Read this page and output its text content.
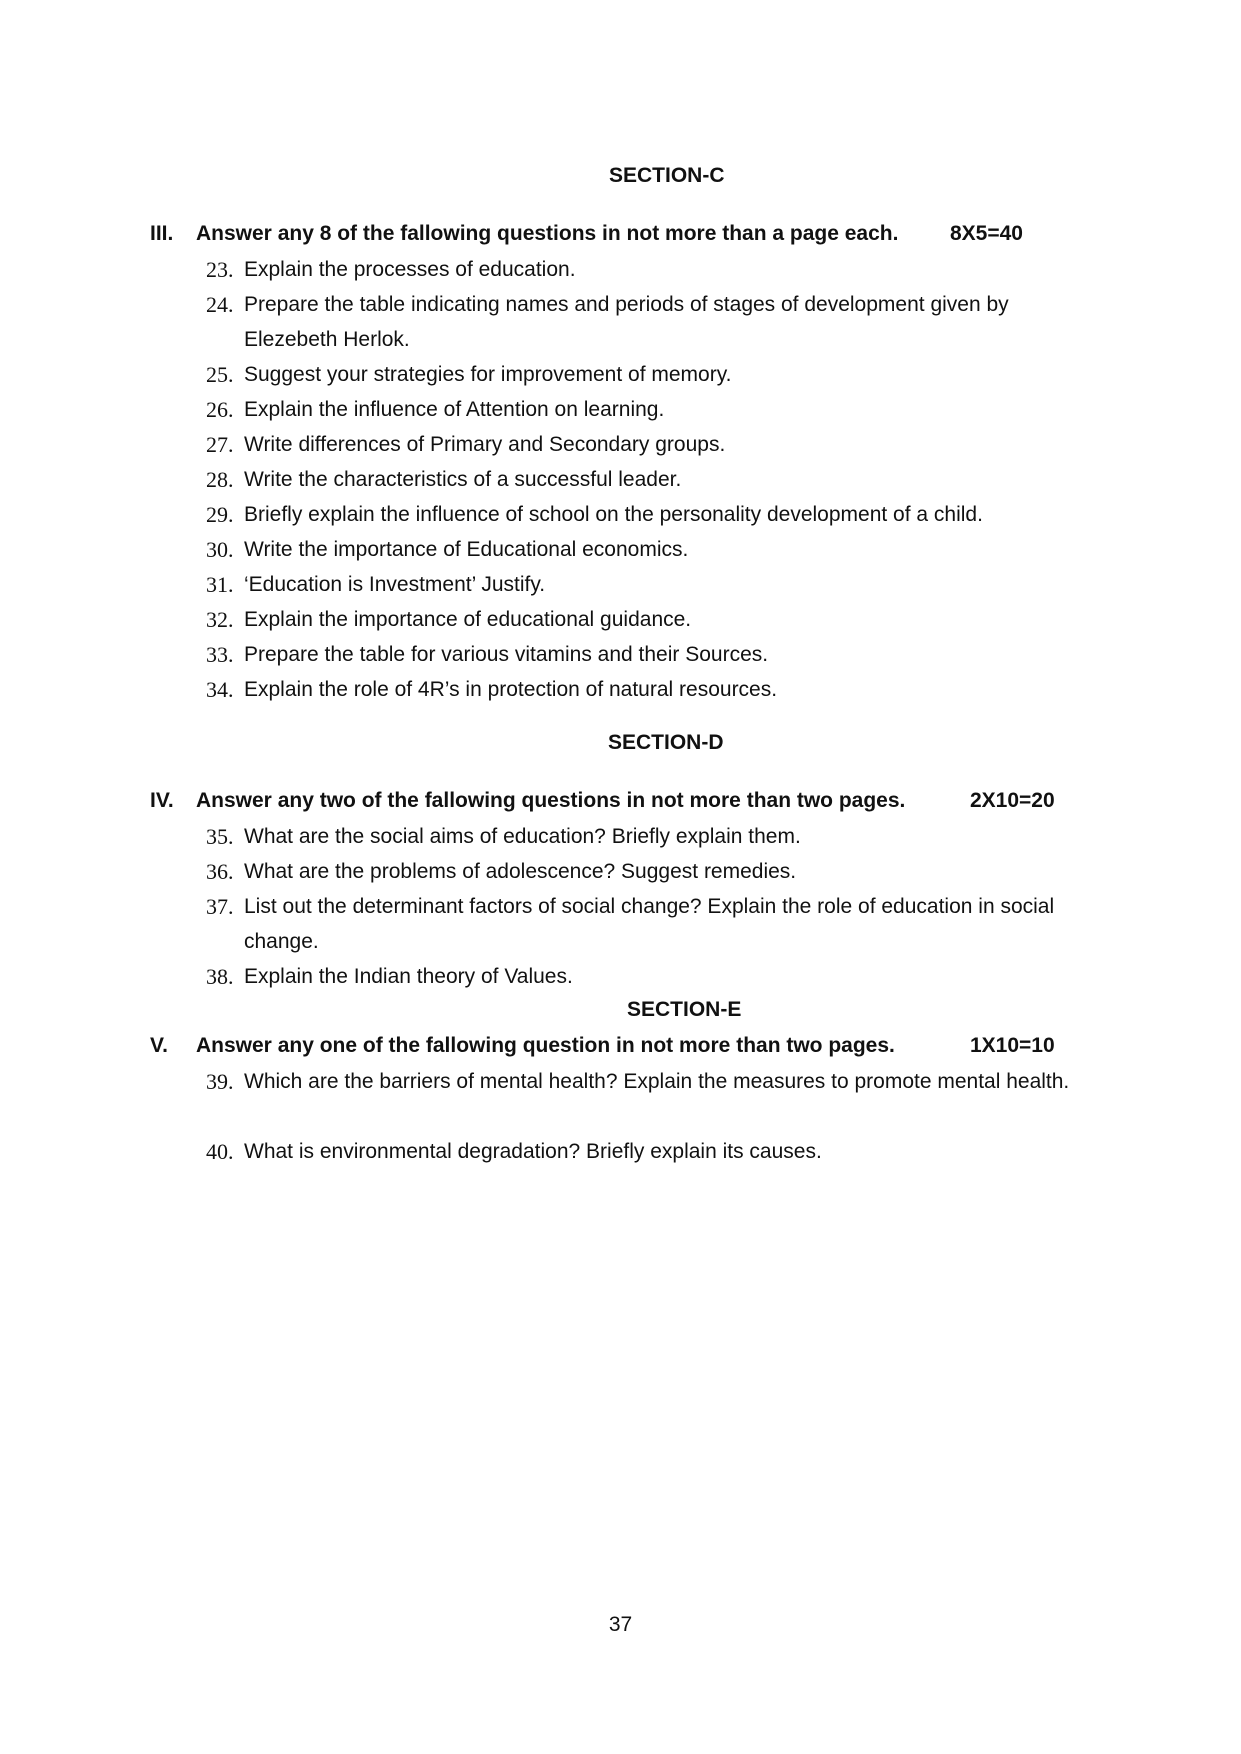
SECTION-C
III. Answer any 8 of the fallowing questions in not more than a page each. 8X5=40
23. Explain the processes of education.
24. Prepare the table indicating names and periods of stages of development given by Elezebeth Herlok.
25. Suggest your strategies for improvement of memory.
26. Explain the influence of Attention on learning.
27. Write differences of Primary and Secondary groups.
28. Write the characteristics of a successful leader.
29. Briefly explain the influence of school on the personality development of a child.
30. Write the importance of Educational economics.
31. ‘Education is Investment’ Justify.
32. Explain the importance of educational guidance.
33. Prepare the table for various vitamins and their Sources.
34. Explain the role of 4R’s in protection of natural resources.
SECTION-D
IV. Answer any two of the fallowing questions in not more than two pages.	2X10=20
35. What are the social aims of education? Briefly explain them.
36. What are the problems of adolescence? Suggest remedies.
37. List out the determinant factors of social change? Explain the role of education in social change.
38. Explain the Indian theory of Values.
SECTION-E
V. Answer any one of the fallowing question in not more than two pages.	1X10=10
39. Which are the barriers of mental health? Explain the measures to promote mental health.
40. What is environmental degradation? Briefly explain its causes.
37
